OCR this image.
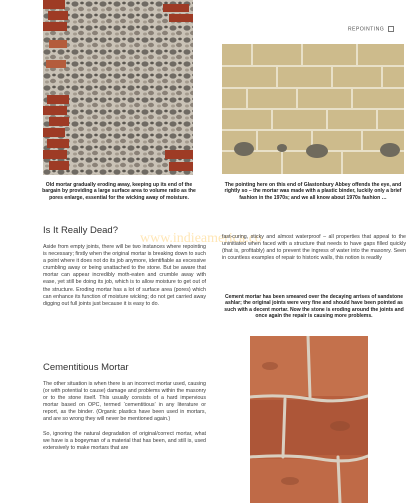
REPOINTING
www.indieamerica.co
Old mortar gradually eroding away, keeping up its end of the bargain by providing a large surface area to volume ratio as the pores enlarge, essential for the wicking away of moisture.
The pointing here on this end of Glastonbury Abbey offends the eye, and rightly so – the mortar was made with a plastic binder, luckily only a brief fashion in the 1970s; and we all know about 1970s fashion …
Is It Really Dead?

Aside from empty joints, there will be two instances where repointing is necessary; firstly when the original mortar is breaking down to such a point where it does not do its job anymore, identifiable as excessive crumbling away or being unattached to the stone. But be aware that mortar can appear incredibly moth-eaten and crumble away with ease, yet still be doing its job, which is to allow moisture to get out of the structure. Eroding mortar has a lot of surface area (pores) which can enhance its function of moisture wicking; do not get carried away digging out full joints just because it is easy to do.

Cementitious Mortar

The other situation is when there is an incorrect mortar used, causing (or with potential to cause) damage and problems within the masonry or to the stone itself. This usually consists of a hard impervious mortar based on OPC, termed ‘cementitious’ in any literature or report, as the binder. (Organic plastics have been used in mortars, and are so wrong they will never be mentioned again.)

So, ignoring the natural degradation of original/correct mortar, what we have is a bogeyman of a material that has been, and still is, used extensively to make mortars that are

fast-curing, sticky and almost waterproof – all properties that appeal to the uninitiated when faced with a structure that needs to have gaps filled quickly (that is, profitably) and to prevent the ingress of water into the masonry. Seen in countless examples of repair to historic walls, this notion is readily

Cement mortar has been smeared over the decaying arrises of sandstone ashlar; the original joints were very fine and should have been pointed as such with a decent mortar. Now the stone is eroding around the joints and once again the repair is causing more problems.
